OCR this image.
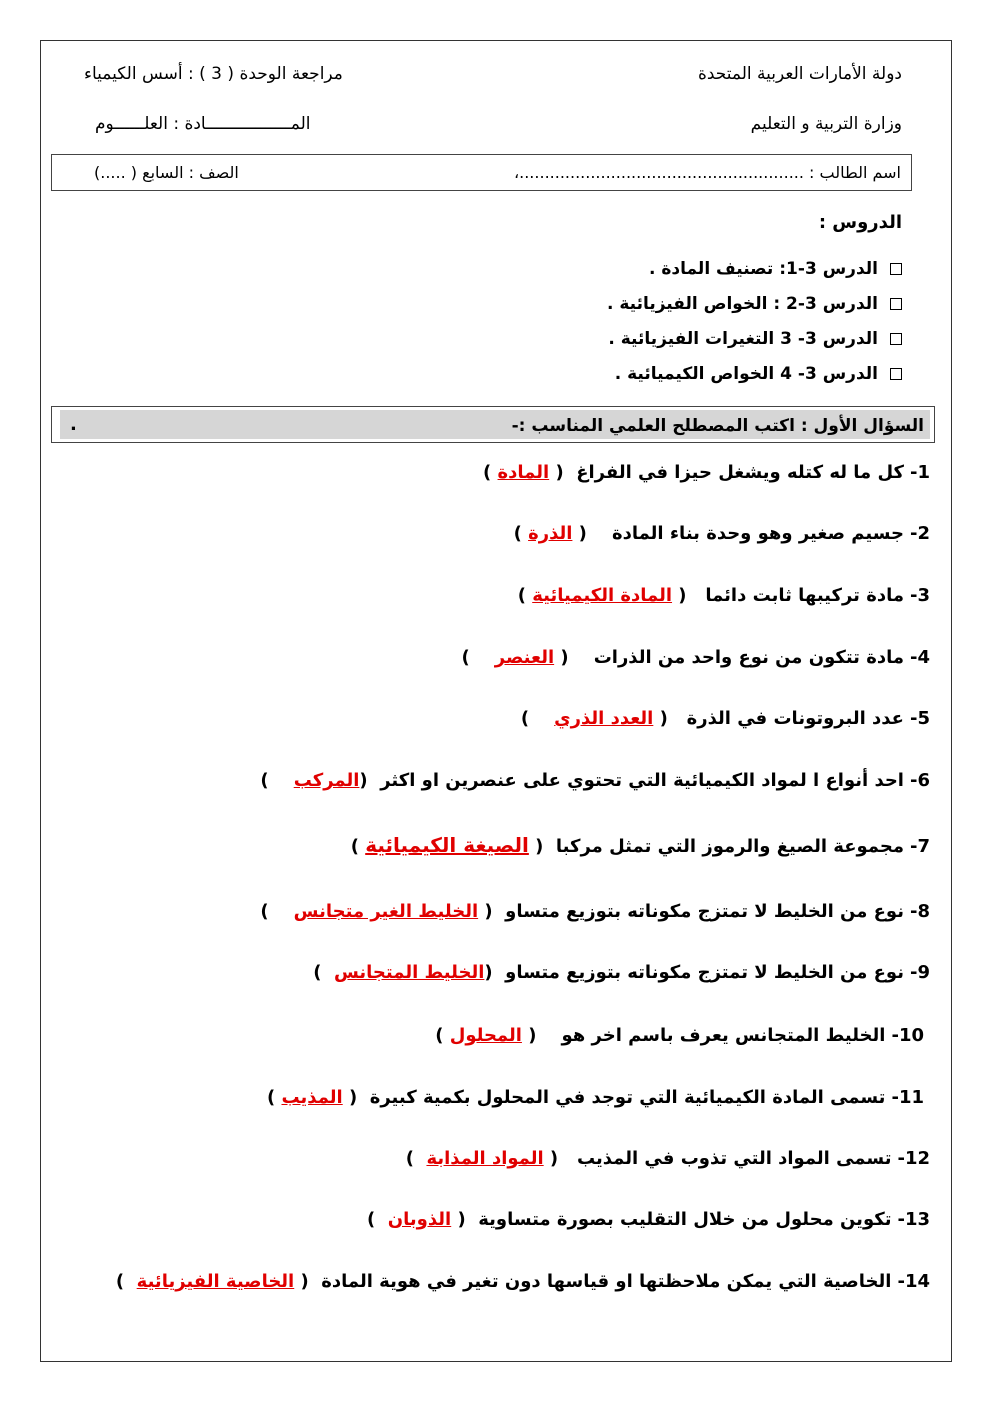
دولة الأمارات العربية المتحدة
وزارة التربية و التعليم
مراجعة الوحدة ( 3 ) : أسس الكيمياء
المـــــــــــــــــادة : العلــــــوم
اسم الطالب : ........................................................،
الصف : السابع ( .....)
الدروس :
الدرس 3-1: تصنيف المادة .
الدرس 3-2 : الخواص الفيزيائية .
الدرس 3- 3 التغيرات الفيزيائية .
الدرس 3- 4 الخواص الكيميائية .
السؤال الأول : اكتب المصطلح العلمي المناسب :-
.
1-كل ما له كتله ويشغل حيزا في الفراغ  ( المادة )
2-جسيم صغير وهو وحدة بناء المادة    ( الذرة )
3-مادة تركيبها ثابت دائما   ( المادة الكيميائية )
4-مادة تتكون من نوع واحد من الذرات    ( العنصر    )
5-عدد البروتونات في الذرة   ( العدد الذري    )
6-احد أنواع ا لمواد الكيميائية التي تحتوي على عنصرين او اكثر  (المركب    )
7-مجموعة الصيغ والرموز التي تمثل مركبا  ( الصيغة الكيميائية )
8-نوع من الخليط لا تمتزج مكوناته بتوزيع متساو  ( الخليط الغير متجانس    )
9-نوع من الخليط لا تمتزج مكوناته بتوزيع متساو  (الخليط المتجانس  )
10-الخليط المتجانس يعرف باسم اخر هو    ( المحلول )
11-تسمى المادة الكيميائية التي توجد في المحلول بكمية كبيرة  ( المذيب )
12-تسمى المواد التي تذوب في المذيب   ( المواد المذابة  )
13-تكوين محلول من خلال التقليب بصورة متساوية  ( الذوبان  )
14-الخاصية التي يمكن ملاحظتها او قياسها دون تغير في هوية المادة  ( الخاصية الفيزيائية  )
